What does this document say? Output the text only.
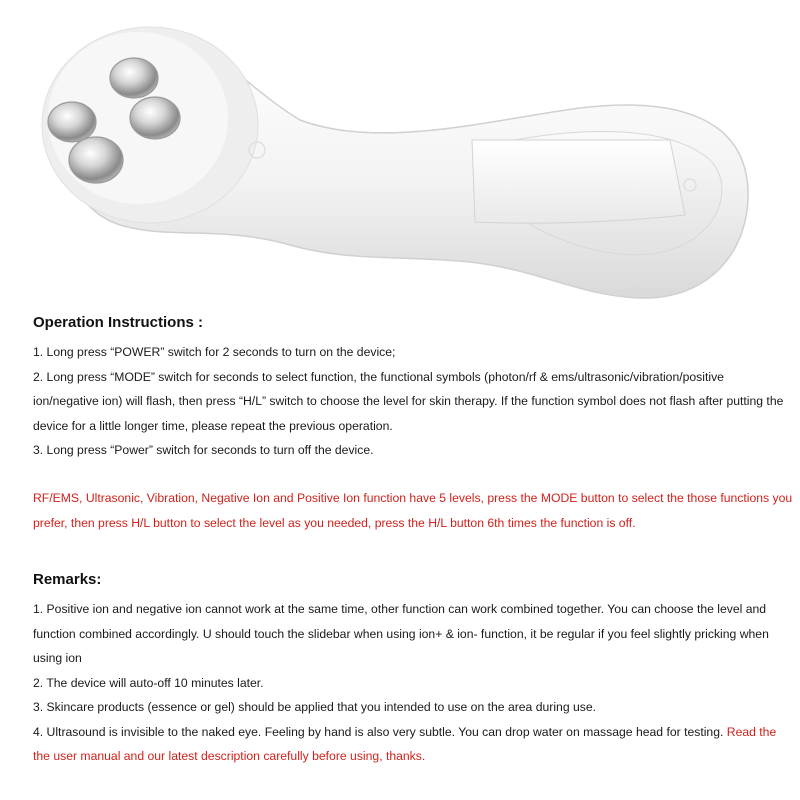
Operation Instructions :

1. Long press “POWER” switch for 2 seconds to turn on the device;

2. Long press “MODE” switch for seconds to select function, the functional symbols (photon/rf & ems/ultrasonic/vibration/positive ion/negative ion) will flash, then press “H/L” switch to choose the level for skin therapy. If the function symbol does not flash after putting the device for a little longer time, please repeat the previous operation.

3. Long press “Power” switch for seconds to turn off the device.

RF/EMS, Ultrasonic, Vibration, Negative Ion and Positive Ion function have 5 levels, press the MODE button to select the those functions you prefer, then press H/L button to select the level as you needed, press the H/L button 6th times the function is off.

Remarks:

1. Positive ion and negative ion cannot work at the same time, other function can work combined together. You can choose the level and function combined accordingly. U should touch the slidebar when using ion+ & ion- function, it be regular if you feel slightly pricking when using ion

2. The device will auto-off 10 minutes later.

3. Skincare products (essence or gel) should be applied that you intended to use on the area during use.

4. Ultrasound is invisible to the naked eye. Feeling by hand is also very subtle. You can drop water on massage head for testing. Read the the user manual and our latest description carefully before using, thanks.
